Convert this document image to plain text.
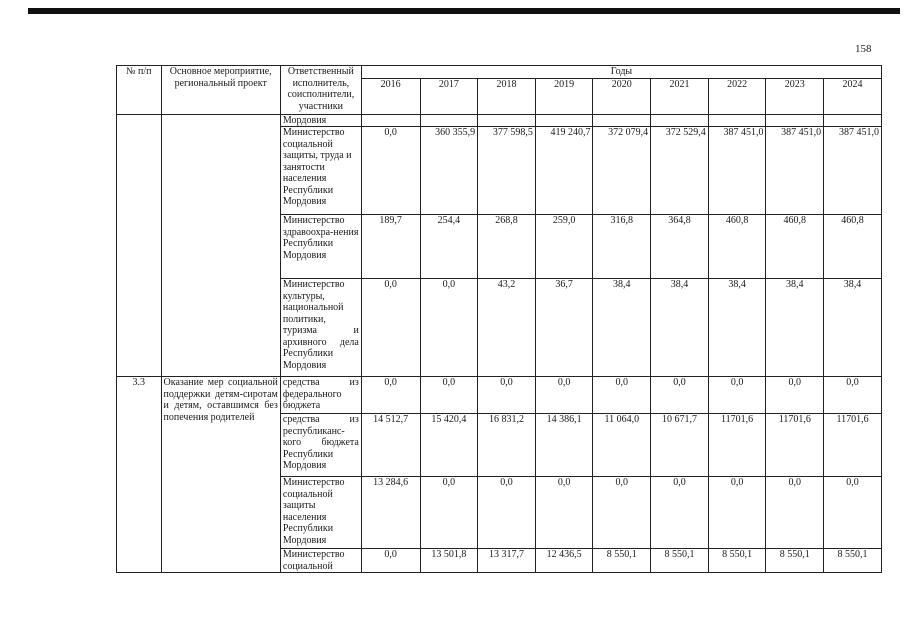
158
№ п/п	Основное мероприятие, региональный проект	Ответственный исполнитель, соисполнители, участники	Годы								
			2016	2017	2018	2019	2020	2021	2022	2023	2024
		Мордовия									
		Министерство социальной защиты, труда и занятости населения Республики Мордовия	0,0	360 355,9	377 598,5	419 240,7	372 079,4	372 529,4	387 451,0	387 451,0	387 451,0
		Министерство здравоохра-нения Республики Мордовия	189,7	254,4	268,8	259,0	316,8	364,8	460,8	460,8	460,8
		Министерство культуры, национальной политики, туризма и архивного дела Республики Мордовия	0,0	0,0	43,2	36,7	38,4	38,4	38,4	38,4	38,4
3.3	Оказание мер социальной поддержки детям-сиротам и детям, оставшимся без попечения родителей	средства из федерального бюджета	0,0	0,0	0,0	0,0	0,0	0,0	0,0	0,0	0,0
		средства из республиканс-кого бюджета Республики Мордовия	14 512,7	15 420,4	16 831,2	14 386,1	11 064,0	10 671,7	11701,6	11701,6	11701,6
		Министерство социальной защиты населения Республики Мордовия	13 284,6	0,0	0,0	0,0	0,0	0,0	0,0	0,0	0,0
		Министерство социальной	0,0	13 501,8	13 317,7	12 436,5	8 550,1	8 550,1	8 550,1	8 550,1	8 550,1
